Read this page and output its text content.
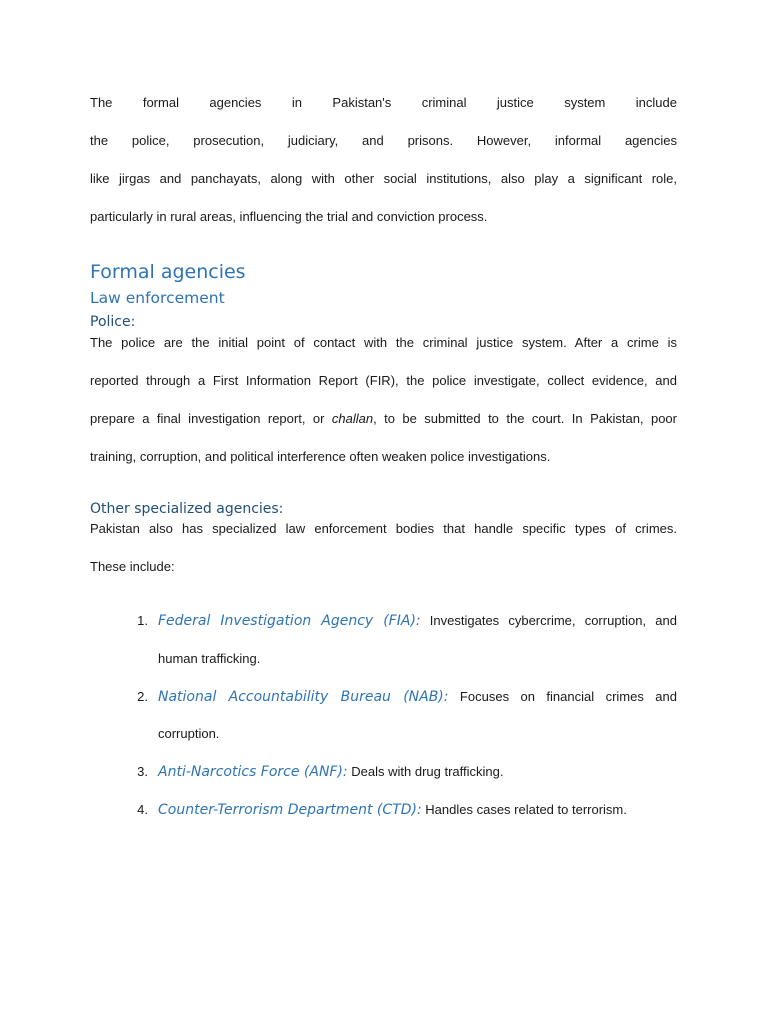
The formal agencies in Pakistan's criminal justice system include
the police, prosecution, judiciary, and prisons. However, informal agencies
like jirgas and panchayats, along with other social institutions, also play a significant role,
particularly in rural areas, influencing the trial and conviction process.
Formal agencies
Law enforcement
Police:
The police are the initial point of contact with the criminal justice system. After a crime is
reported through a First Information Report (FIR), the police investigate, collect evidence, and
prepare a final investigation report, or challan, to be submitted to the court. In Pakistan, poor
training, corruption, and political interference often weaken police investigations.
Other specialized agencies:
Pakistan also has specialized law enforcement bodies that handle specific types of crimes.
These include:
1. Federal Investigation Agency (FIA): Investigates cybercrime, corruption, and
human trafficking.
2. National Accountability Bureau (NAB): Focuses on financial crimes and
corruption.
3. Anti-Narcotics Force (ANF): Deals with drug trafficking.
4. Counter-Terrorism Department (CTD): Handles cases related to terrorism.
